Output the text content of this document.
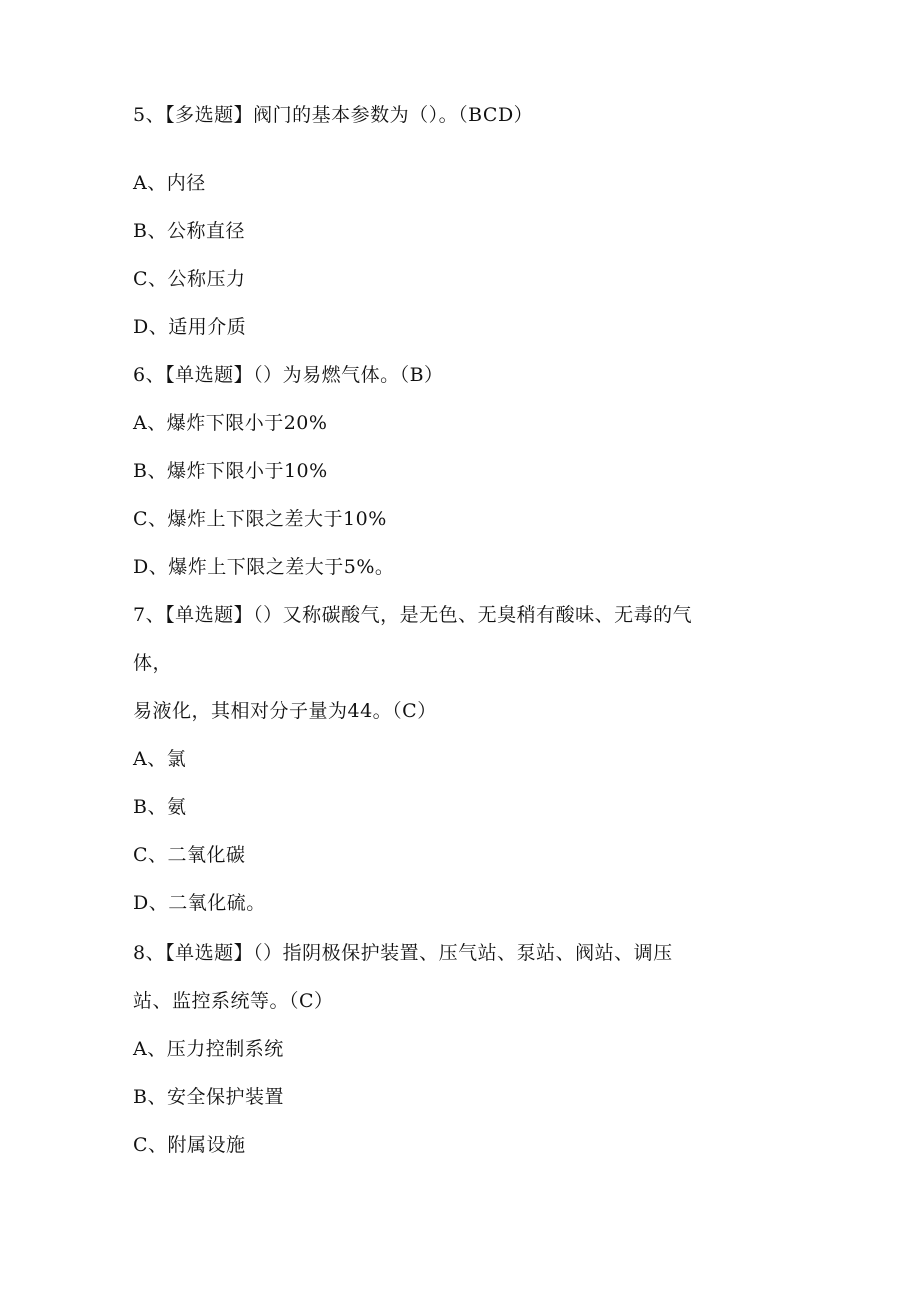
5、【多选题】阀门的基本参数为（）。（BCD）

A、内径

B、公称直径

C、公称压力

D、适用介质

6、【单选题】（）为易燃气体。（B）

A、爆炸下限小于20%

B、爆炸下限小于10%

C、爆炸上下限之差大于10%

D、爆炸上下限之差大于5%。

7、【单选题】（）又称碳酸气，是无色、无臭稍有酸味、无毒的气

体，

易液化，其相对分子量为44。（C）

A、氯

B、氨

C、二氧化碳

D、二氧化硫。

8、【单选题】（）指阴极保护装置、压气站、泵站、阀站、调压

站、监控系统等。（C）

A、压力控制系统

B、安全保护装置

C、附属设施
